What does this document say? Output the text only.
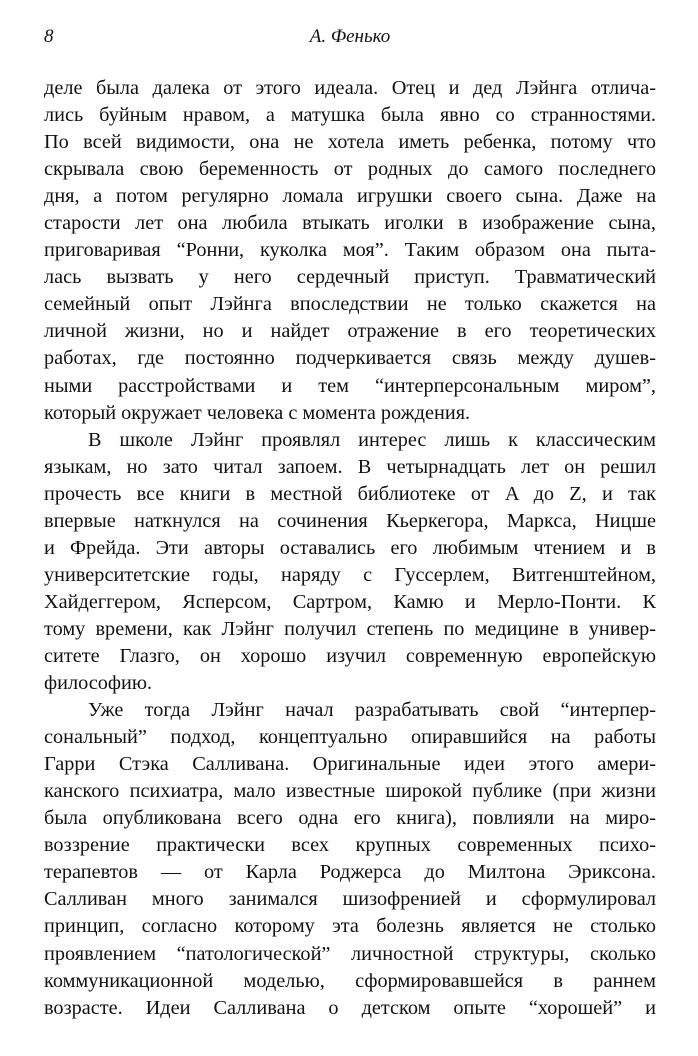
8	А. Фенько
деле была далека от этого идеала. Отец и дед Лэйнга отлича-
лись буйным нравом, а матушка была явно со странностями.
По всей видимости, она не хотела иметь ребенка, потому что
скрывала свою беременность от родных до самого последнего
дня, а потом регулярно ломала игрушки своего сына. Даже на
старости лет она любила втыкать иголки в изображение сына,
приговаривая “Ронни, куколка моя”. Таким образом она пыта-
лась вызвать у него сердечный приступ. Травматический
семейный опыт Лэйнга впоследствии не только скажется на
личной жизни, но и найдет отражение в его теоретических
работах, где постоянно подчеркивается связь между душев-
ными расстройствами и тем “интерперсональным миром”,
который окружает человека с момента рождения.
В школе Лэйнг проявлял интерес лишь к классическим
языкам, но зато читал запоем. В четырнадцать лет он решил
прочесть все книги в местной библиотеке от A до Z, и так
впервые наткнулся на сочинения Кьеркегора, Маркса, Ницше
и Фрейда. Эти авторы оставались его любимым чтением и в
университетские годы, наряду с Гуссерлем, Витгенштейном,
Хайдеггером, Ясперсом, Сартром, Камю и Мерло-Понти. К
тому времени, как Лэйнг получил степень по медицине в универ-
ситете Глазго, он хорошо изучил современную европейскую
философию.
Уже тогда Лэйнг начал разрабатывать свой “интерпер-
сональный” подход, концептуально опиравшийся на работы
Гарри Стэка Салливана. Оригинальные идеи этого амери-
канского психиатра, мало известные широкой публике (при жизни
была опубликована всего одна его книга), повлияли на миро-
воззрение практически всех крупных современных психо-
терапевтов — от Карла Роджерса до Милтона Эриксона.
Салливан много занимался шизофренией и сформулировал
принцип, согласно которому эта болезнь является не столько
проявлением “патологической” личностной структуры, сколько
коммуникационной моделью, сформировавшейся в раннем
возрасте. Идеи Салливана о детском опыте “хорошей” и
